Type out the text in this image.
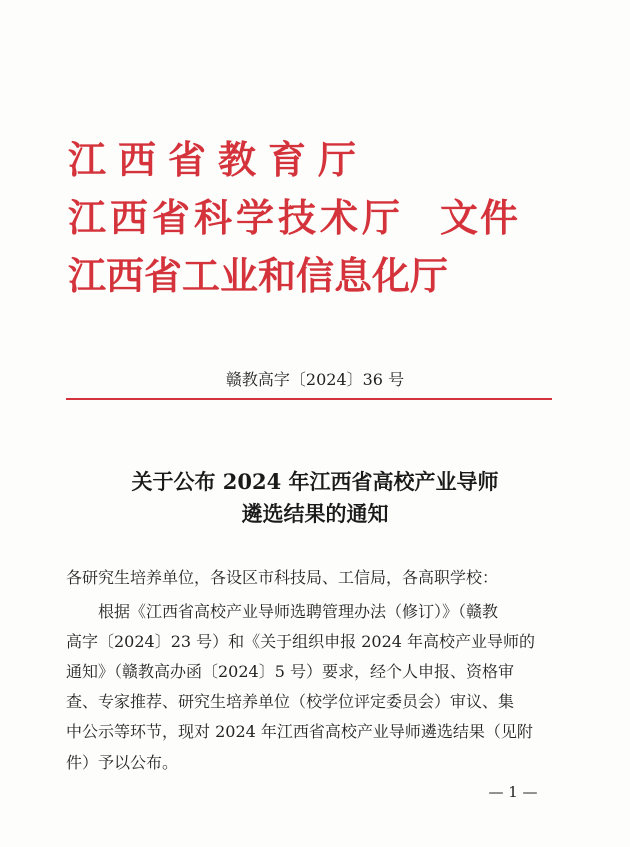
江西省教育厅
江西省科学技术厅
江西省工业和信息化厅
文件
赣教高字〔2024〕36 号
关于公布 2024 年江西省高校产业导师
遴选结果的通知
各研究生培养单位，各设区市科技局、工信局，各高职学校：
根据《江西省高校产业导师选聘管理办法（修订）》（赣教
高字〔2024〕23 号）和《关于组织申报 2024 年高校产业导师的
通知》（赣教高办函〔2024〕5 号）要求，经个人申报、资格审
查、专家推荐、研究生培养单位（校学位评定委员会）审议、集
中公示等环节，现对 2024 年江西省高校产业导师遴选结果（见附
件）予以公布。
— 1 —
